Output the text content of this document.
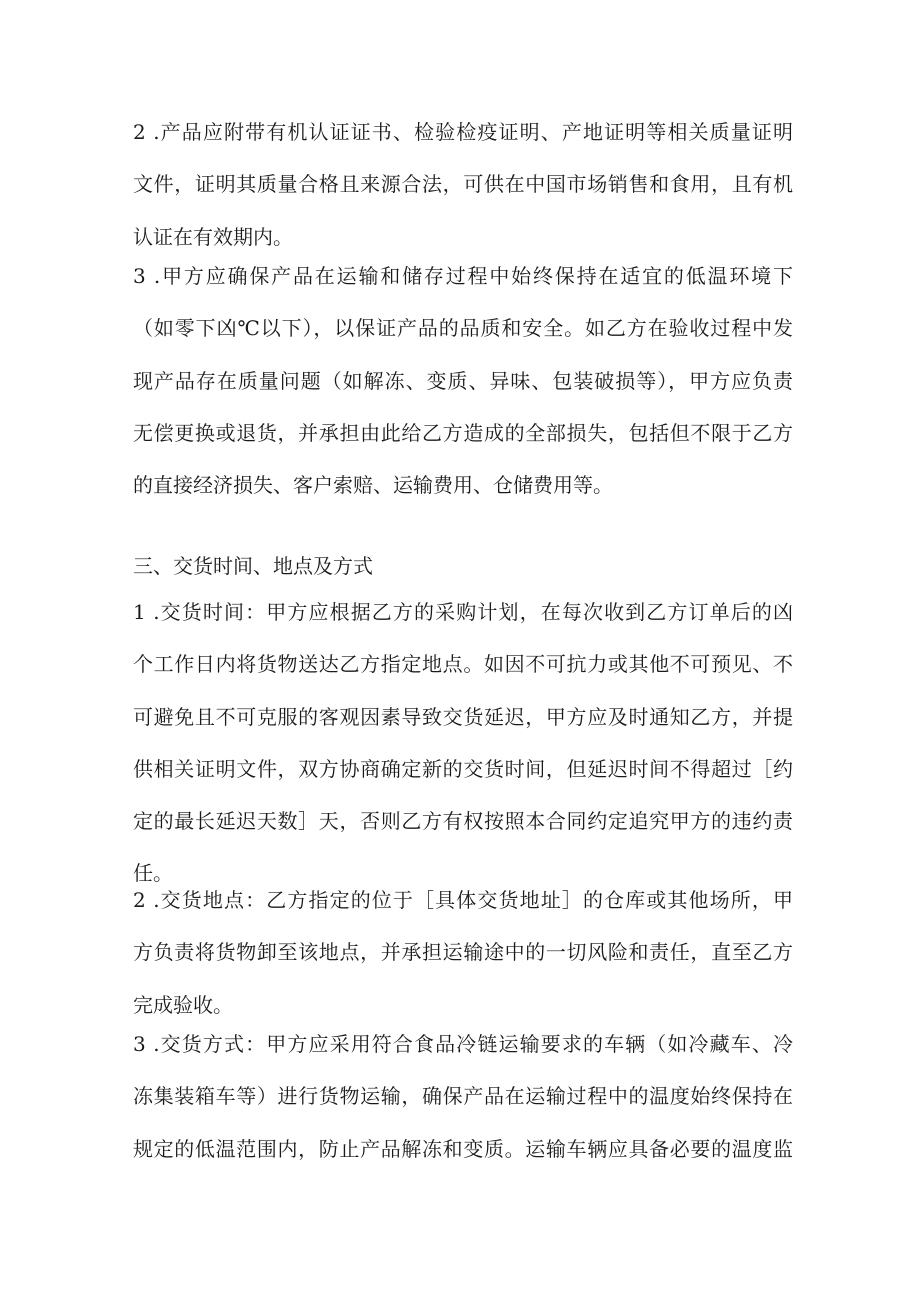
2 .产品应附带有机认证证书、检验检疫证明、产地证明等相关质量证明
文件，证明其质量合格且来源合法，可供在中国市场销售和食用，且有机
认证在有效期内。
3 .甲方应确保产品在运输和储存过程中始终保持在适宜的低温环境下
（如零下凶℃以下），以保证产品的品质和安全。如乙方在验收过程中发
现产品存在质量问题（如解冻、变质、异味、包装破损等），甲方应负责
无偿更换或退货，并承担由此给乙方造成的全部损失，包括但不限于乙方
的直接经济损失、客户索赔、运输费用、仓储费用等。
三、交货时间、地点及方式
1 .交货时间：甲方应根据乙方的采购计划，在每次收到乙方订单后的凶
个工作日内将货物送达乙方指定地点。如因不可抗力或其他不可预见、不
可避免且不可克服的客观因素导致交货延迟，甲方应及时通知乙方，并提
供相关证明文件，双方协商确定新的交货时间，但延迟时间不得超过［约
定的最长延迟天数］天，否则乙方有权按照本合同约定追究甲方的违约责
任。
2 .交货地点：乙方指定的位于［具体交货地址］的仓库或其他场所，甲
方负责将货物卸至该地点，并承担运输途中的一切风险和责任，直至乙方
完成验收。
3 .交货方式：甲方应采用符合食品冷链运输要求的车辆（如冷藏车、冷
冻集装箱车等）进行货物运输，确保产品在运输过程中的温度始终保持在
规定的低温范围内，防止产品解冻和变质。运输车辆应具备必要的温度监
